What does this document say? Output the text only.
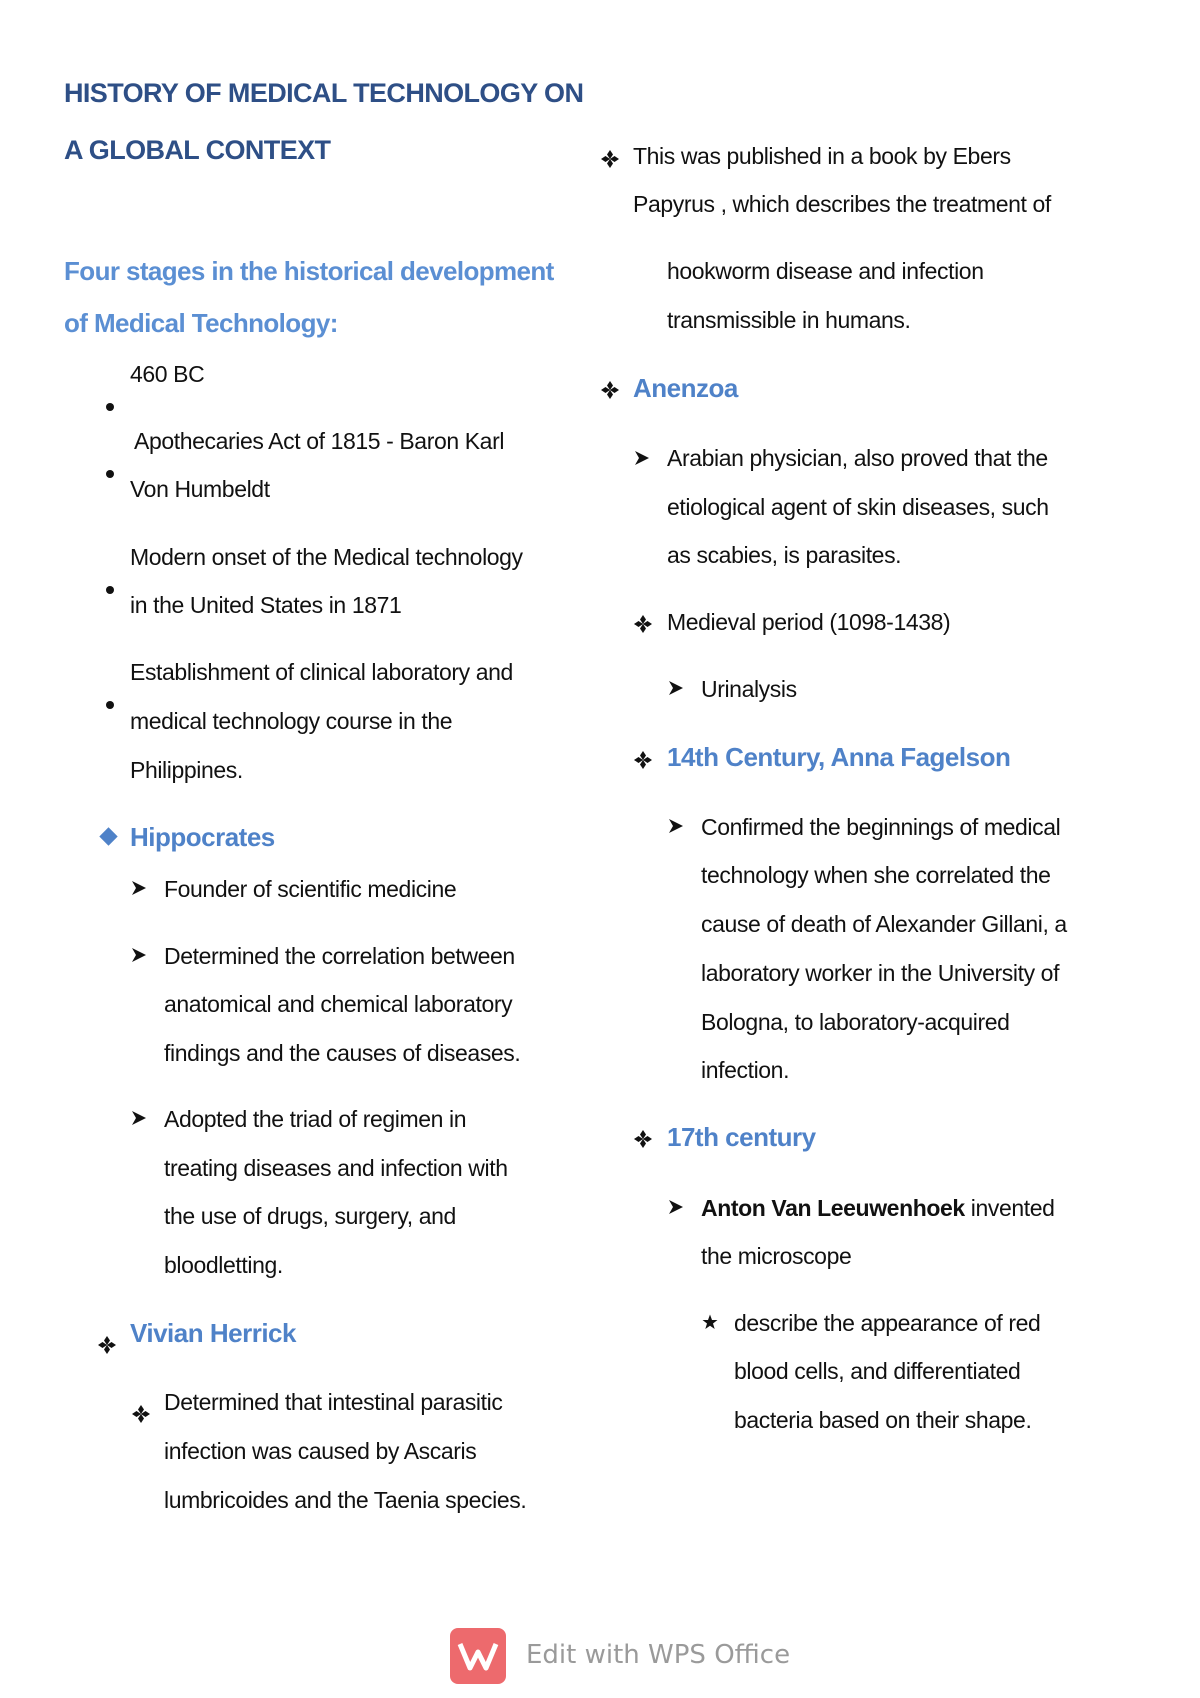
HISTORY OF MEDICAL TECHNOLOGY ON
A GLOBAL CONTEXT
Four stages in the historical development
of Medical Technology:
460 BC
Apothecaries Act of 1815 - Baron Karl
Von Humbeldt
Modern onset of the Medical technology
in the United States in 1871
Establishment of clinical laboratory and
medical technology course in the
Philippines.
Hippocrates
Founder of scientific medicine
Determined the correlation between
anatomical and chemical laboratory
findings and the causes of diseases.
Adopted the triad of regimen in
treating diseases and infection with
the use of drugs, surgery, and
bloodletting.
Vivian Herrick
Determined that intestinal parasitic
infection was caused by Ascaris
lumbricoides and the Taenia species.
This was published in a book by Ebers
Papyrus , which describes the treatment of
hookworm disease and infection
transmissible in humans.
Anenzoa
Arabian physician, also proved that the
etiological agent of skin diseases, such
as scabies, is parasites.
Medieval period (1098-1438)
Urinalysis
14th Century, Anna Fagelson
Confirmed the beginnings of medical
technology when she correlated the
cause of death of Alexander Gillani, a
laboratory worker in the University of
Bologna, to laboratory-acquired
infection.
17th century
Anton Van Leeuwenhoek invented
the microscope
describe the appearance of red
blood cells, and differentiated
bacteria based on their shape.
Edit with WPS Office
